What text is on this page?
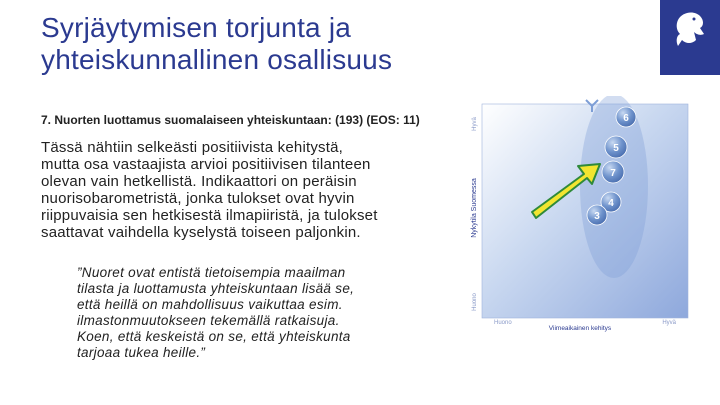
Syrjäytymisen torjunta ja
yhteiskunnallinen osallisuus
7. Nuorten luottamus suomalaiseen yhteiskuntaan: (193) (EOS: 11)
Tässä nähtiin selkeästi positiivista kehitystä,
mutta osa vastaajista arvioi positiivisen tilanteen
olevan vain hetkellistä. Indikaattori on peräisin
nuorisobarometristä, jonka tulokset ovat hyvin
riippuvaisia sen hetkisestä ilmapiiristä, ja tulokset
saattavat vaihdella kyselystä toiseen paljonkin.
”Nuoret ovat entistä tietoisempia maailman
tilasta ja luottamusta yhteiskuntaan lisää se,
että heillä on mahdollisuus vaikuttaa esim.
ilmastonmuutokseen tekemällä ratkaisuja.
Koen, että keskeistä on se, että yhteiskunta
tarjoaa tukea heille.”
Nykytila Suomessa
Hyvä
Huono
Huono	Hyvä
Viimeaikainen kehitys
6
5
7
4
3
